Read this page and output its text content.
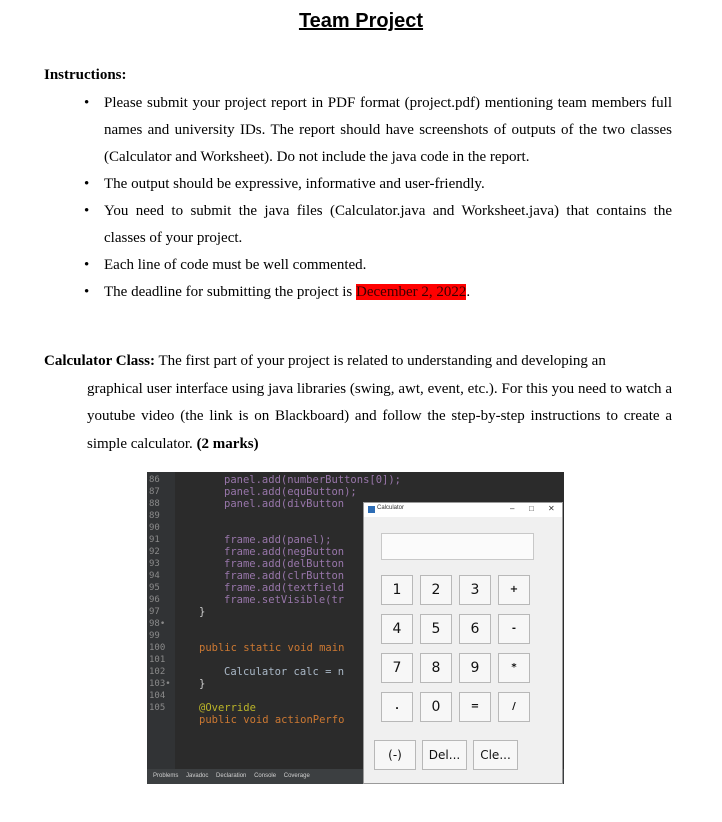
Team Project
Instructions:
• Please submit your project report in PDF format (project.pdf) mentioning team members full names and university IDs. The report should have screenshots of outputs of the two classes (Calculator and Worksheet). Do not include the java code in the report.
• The output should be expressive, informative and user-friendly.
• You need to submit the java files (Calculator.java and Worksheet.java) that contains the classes of your project.
• Each line of code must be well commented.
• The deadline for submitting the project is December 2, 2022.
Calculator Class: The first part of your project is related to understanding and developing an
graphical user interface using java libraries (swing, awt, event, etc.). For this you need to watch a youtube video (the link is on Blackboard) and follow the step-by-step instructions to create a simple calculator. (2 marks)
86
87
88
89
90
91
92
93
94
95
96
97
98•
99
100
101
102
103•
104
105
panel.add(numberButtons[0]);
panel.add(equButton);
panel.add(divButton
frame.add(panel);
frame.add(negButton
frame.add(delButton
frame.add(clrButton
frame.add(textfield
frame.setVisible(tr
}
public static void main
Calculator calc = n
}
@Override
public void actionPerfo
Problems Javadoc Declaration Console Coverage
Calculator	– □ ✕
1	2	3	+
4	5	6	-
7	8	9	*
.	0	=	/
(-)	Del...	Cle...
